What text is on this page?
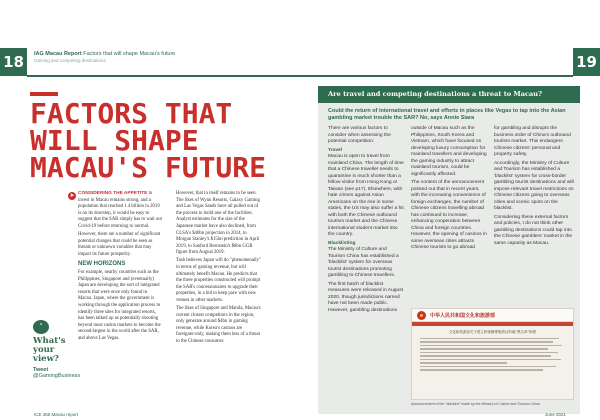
18	IAG Macau Report Factors that will shape Macau's future
Gaming and competing destinations	19
FACTORS THAT
WILL SHAPE
MACAU'S FUTURE
➤ CONSIDERING THE APPETITE to invest in Macau remains strong, and a population that reached 1.4 billion in 2019 is on its doorstep, it would be easy to suggest that the SAR simply has to wait out Covid-19 before returning to normal.

However, there are a number of significant potential changes that could be seen as threats or unknown variables that may impact its future prosperity.

NEW HORIZONS

For example, nearby countries such as the Philippines, Singapore and (eventually) Japan are developing the sort of integrated resorts that were once only found in Macau. Japan, where the government is working through the application process to identify three sites for integrated resorts, has been talked up as potentially shooting beyond most casino markets to become the second-largest in the world after the SAR, and above Las Vegas.

However, that in itself remains to be seen. The likes of Wynn Resorts, Galaxy Gaming and Las Vegas Sands have all pulled out of the process to build one of the facilities. Analyst estimates for the size of the Japanese market have also declined, from CLSA's $40bn projection in 2014, to Morgan Stanley's $15bn prediction in April 2019, to Sanford Bernstein's $8bn GGR figure from August 2019.

Tash believes Japan will do "phenomenally" in terms of gaming revenue, but will ultimately benefit Macau. He predicts that the three properties constructed will prompt the SAR's concessionaires to upgrade their properties, in a bid to keep pace with new venues in other markets.

The likes of Singapore and Manila, Macau's current closest competitors in the region, only generate around $4bn in gaming revenue, while Korea's casinos are foreigner-only, making them less of a threat to the Chinese consumer.

“
What's
your view?
Tweet
@GamingBusiness
ICE 365 Macau report
Are travel and competing destinations a threat to Macau?
Could the return of international travel and efforts in places like Vegas to tap into the Asian gambling market trouble the SAR? No, says Annie Siara

There are various factors to consider when assessing the potential competition:

Travel

Macau is open to travel from mainland China. The length of time that a Chinese traveller needs to quarantine is much shorter than a fellow visitor from Hong Kong or Taiwan (see p17). Elsewhere, with hate crimes against Asian Americans on the rise in some states, the US may also suffer a hit with both the Chinese outbound tourism market and the Chinese international student market into the country.

Blacklisting

The Ministry of Culture and Tourism China has established a 'blacklist' system for overseas tourist destinations promoting gambling to Chinese travellers.

The first batch of blacklist measures were released in August 2020, though jurisdictions named have not been made public. However, gambling destinations

outside of Macau such as the Philippines, South Korea and Vietnam, which have focused on developing luxury consumption for mainland travellers and developing the gaming industry to attract mainland tourism, could be significantly affected.

The content of the announcement pointed out that in recent years, with the increasing convenience of foreign exchanges, the number of Chinese citizens travelling abroad has continued to increase, enhancing cooperation between China and foreign countries. However, the opening of casinos in some overseas cities attracts Chinese tourists to go abroad

for gambling and disrupts the business order of China's outbound tourism market. This endangers Chinese citizens' personal and property safety.

Accordingly, the Ministry of Culture and Tourism has established a 'blacklist' system for cross-border gambling tourist destinations and will impose relevant travel restrictions on Chinese citizens going to overseas cities and scenic spots on the blacklist.

Considering these external factors and policies, I do not think other gambling destinations could tap into the Chinese gamblers' market in the same capacity as Macau.

中华人民共和国文化和旅游部
文化和旅游部关于建立跨境赌博旅游目的地"黑名单"制度
Announcement of the "blacklist" made by the Ministry of Culture and Tourism China
June 2021
